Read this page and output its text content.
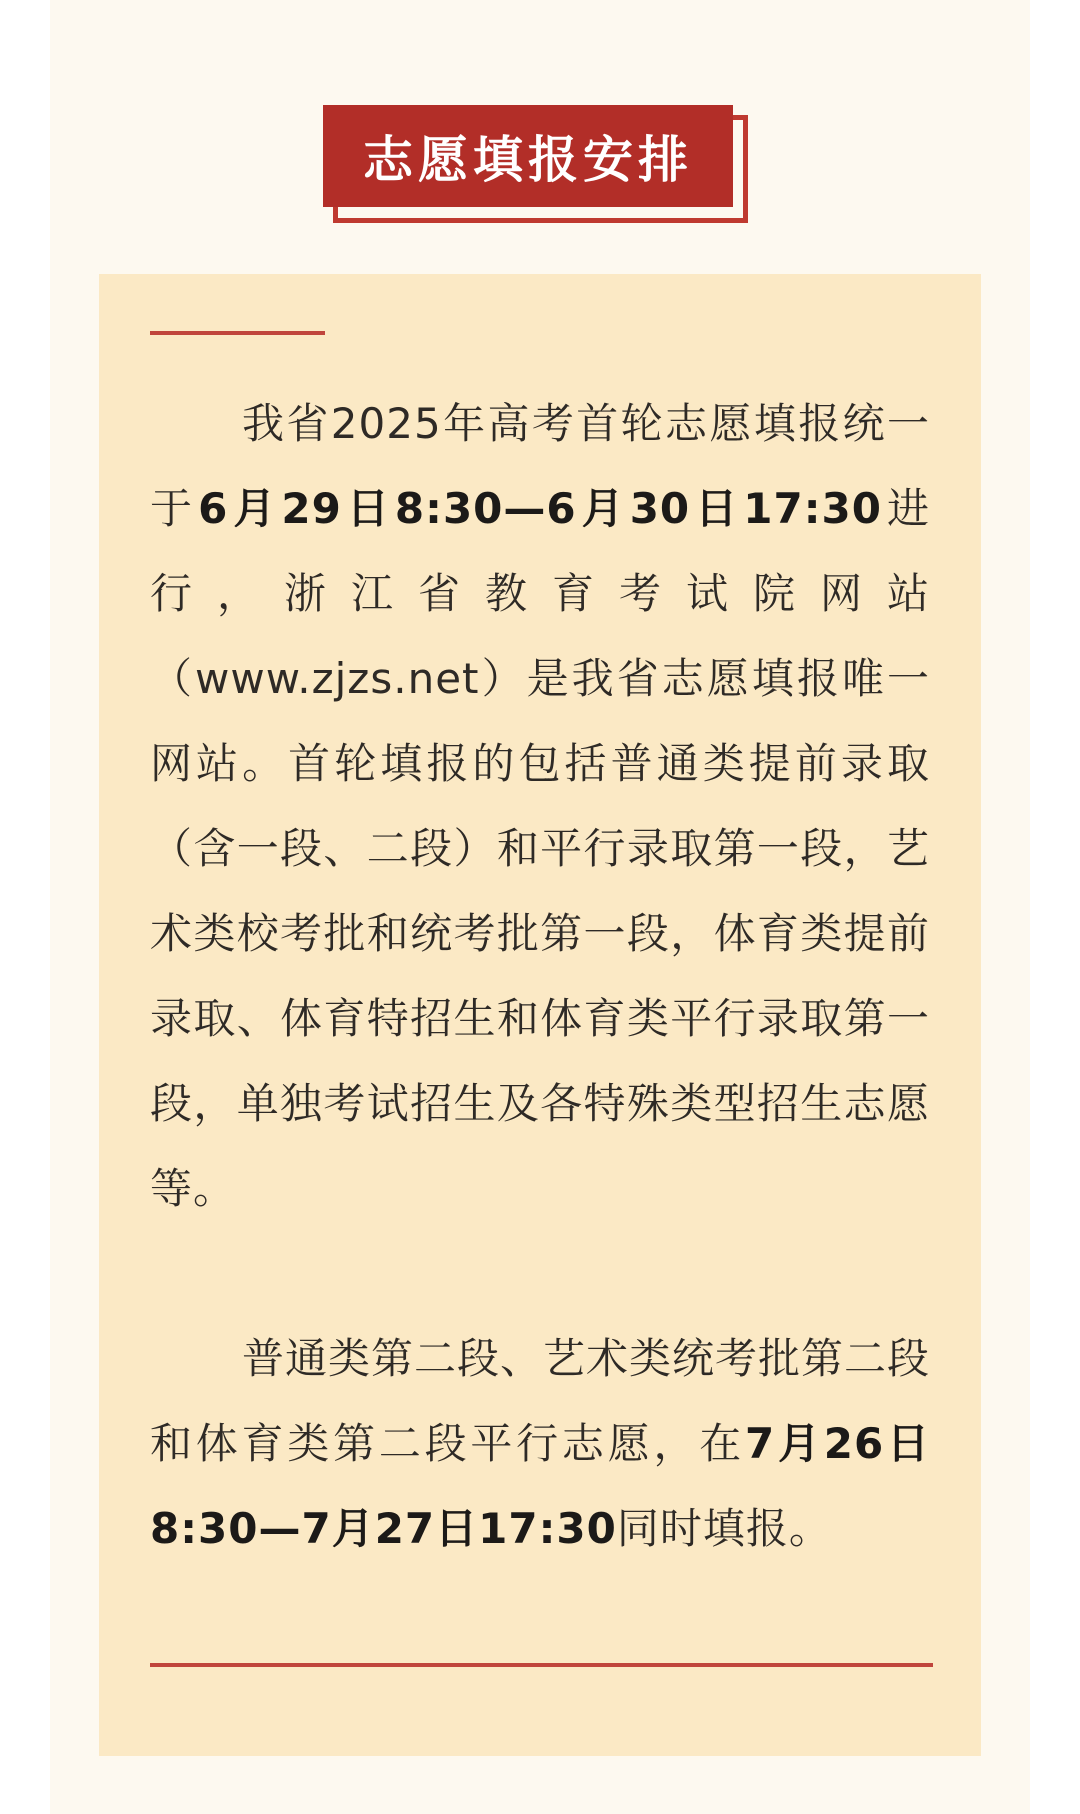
志愿填报安排

我省2025年高考首轮志愿填报统一于6月29日8:30—6月30日17:30进行，浙江省教育考试院网站（www.zjzs.net）是我省志愿填报唯一网站。首轮填报的包括普通类提前录取（含一段、二段）和平行录取第一段，艺术类校考批和统考批第一段，体育类提前录取、体育特招生和体育类平行录取第一段，单独考试招生及各特殊类型招生志愿等。

普通类第二段、艺术类统考批第二段和体育类第二段平行志愿，在7月26日8:30—7月27日17:30同时填报。
